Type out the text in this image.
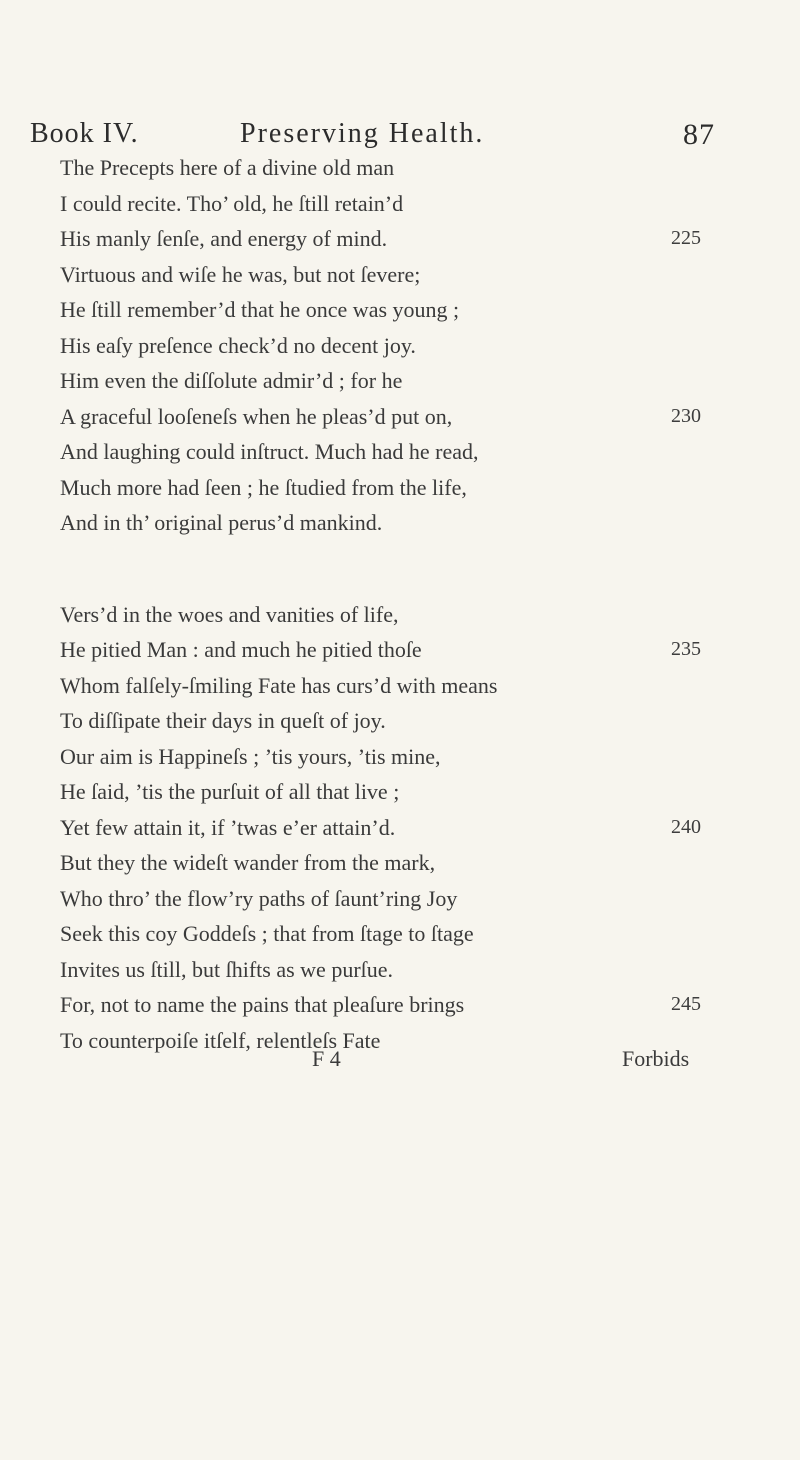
Book IV.	Preserving Health.	87
The Precepts here of a divine old man
I could recite. Tho’ old, he ſtill retain’d
His manly ſenſe, and energy of mind.	225
Virtuous and wiſe he was, but not ſevere;
He ſtill remember’d that he once was young ;
His eaſy preſence check’d no decent joy.
Him even the diſſolute admir’d ; for he
A graceful looſeneſs when he pleas’d put on,	230
And laughing could inſtruct. Much had he read,
Much more had ſeen ; he ſtudied from the life,
And in th’ original perus’d mankind.
Vers’d in the woes and vanities of life,
He pitied Man : and much he pitied thoſe	235
Whom falſely-ſmiling Fate has curs’d with means
To diſſipate their days in queſt of joy.
Our aim is Happineſs ; ’tis yours, ’tis mine,
He ſaid, ’tis the purſuit of all that live ;
Yet few attain it, if ’twas e’er attain’d.	240
But they the wideſt wander from the mark,
Who thro’ the flow’ry paths of ſaunt’ring Joy
Seek this coy Goddeſs ; that from ſtage to ſtage
Invites us ſtill, but ſhifts as we purſue.
For, not to name the pains that pleaſure brings	245
To counterpoiſe itſelf, relentleſs Fate
F 4	Forbids
